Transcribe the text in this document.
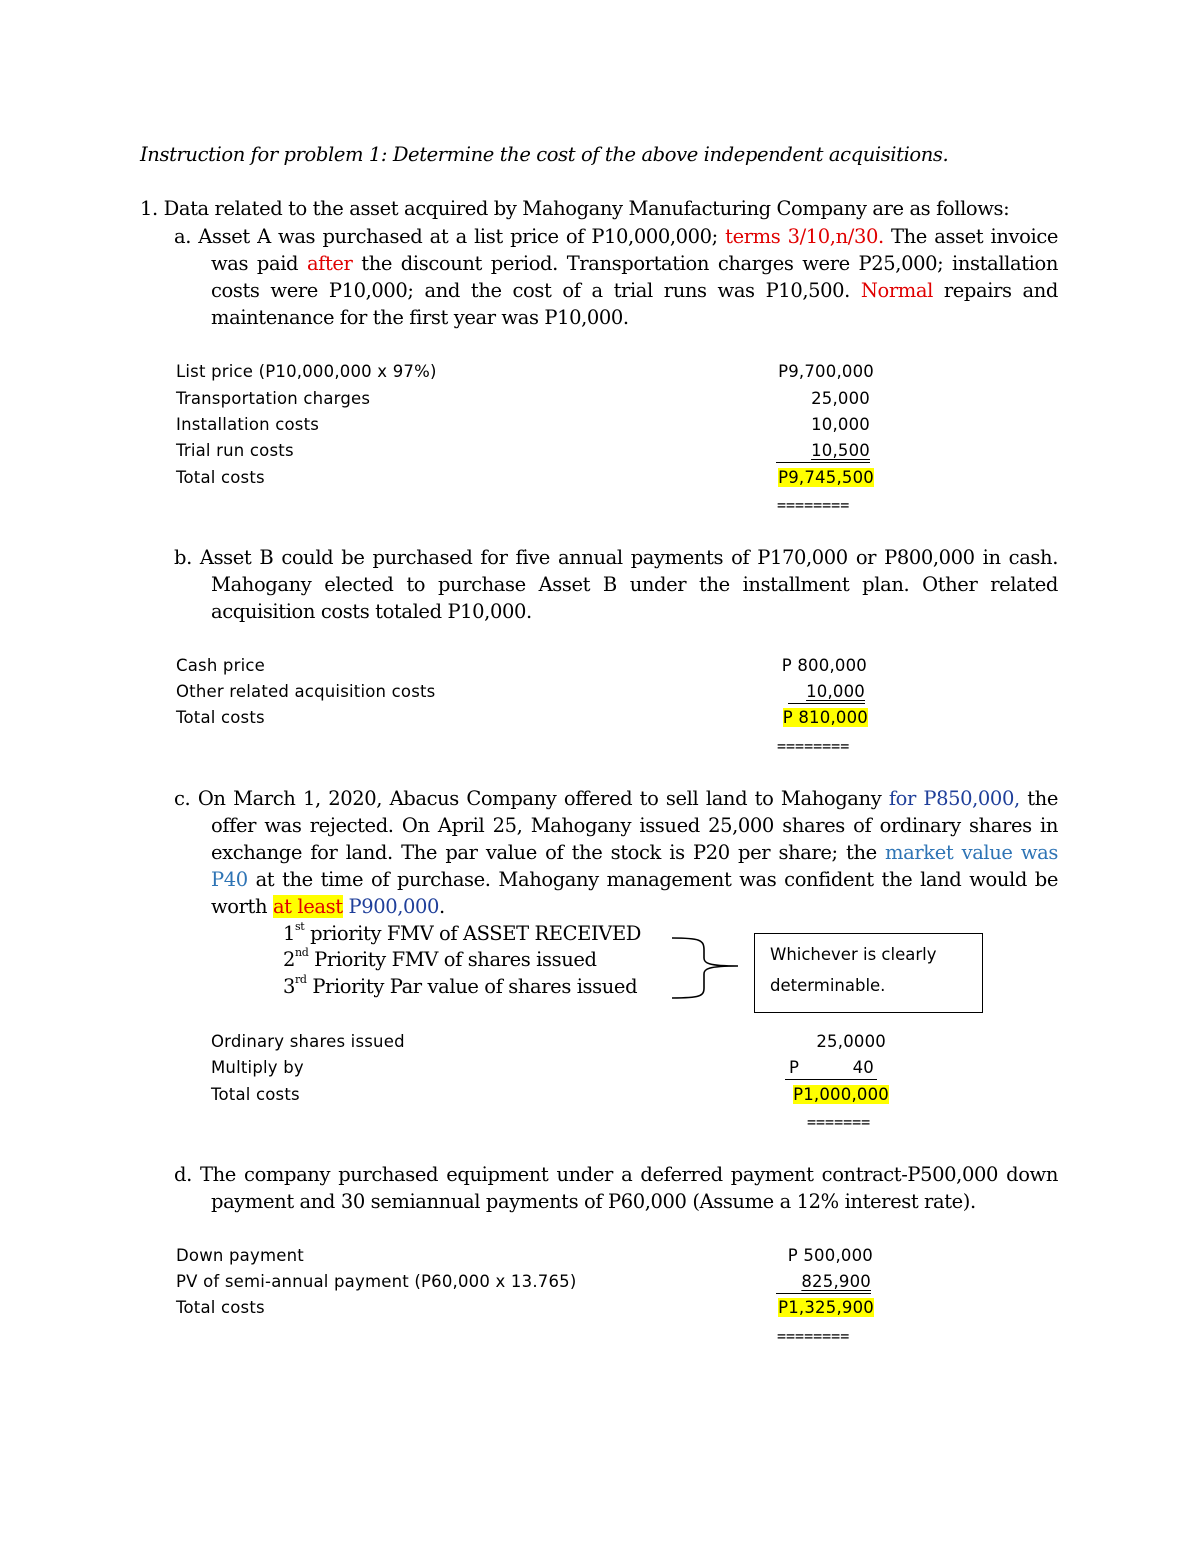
Instruction for problem 1: Determine the cost of the above independent acquisitions.
1. Data related to the asset acquired by Mahogany Manufacturing Company are as follows:
a. Asset A was purchased at a list price of P10,000,000; terms 3/10,n/30. The asset invoice was paid after the discount period. Transportation charges were P25,000; installation costs were P10,000; and the cost of a trial runs was P10,500. Normal repairs and maintenance for the first year was P10,000.
List price (P10,000,000 x 97%)	P9,700,000
Transportation charges	25,000
Installation costs	10,000
Trial run costs	10,500
Total costs	P9,745,500
========
b. Asset B could be purchased for five annual payments of P170,000 or P800,000 in cash. Mahogany elected to purchase Asset B under the installment plan. Other related acquisition costs totaled P10,000.
Cash price	P 800,000
Other related acquisition costs	10,000
Total costs	P 810,000
========
c. On March 1, 2020, Abacus Company offered to sell land to Mahogany for P850,000, the offer was rejected. On April 25, Mahogany issued 25,000 shares of ordinary shares in exchange for land. The par value of the stock is P20 per share; the market value was P40 at the time of purchase. Mahogany management was confident the land would be worth at least P900,000.
1st priority FMV of ASSET RECEIVED
2nd Priority FMV of shares issued
3rd Priority Par value of shares issued
Whichever is clearly
determinable.
Ordinary shares issued	25,0000
Multiply by	P	40
Total costs	P1,000,000
=======
d. The company purchased equipment under a deferred payment contract-P500,000 down payment and 30 semiannual payments of P60,000 (Assume a 12% interest rate).
Down payment	P 500,000
PV of semi-annual payment (P60,000 x 13.765)	825,900
Total costs	P1,325,900
========
